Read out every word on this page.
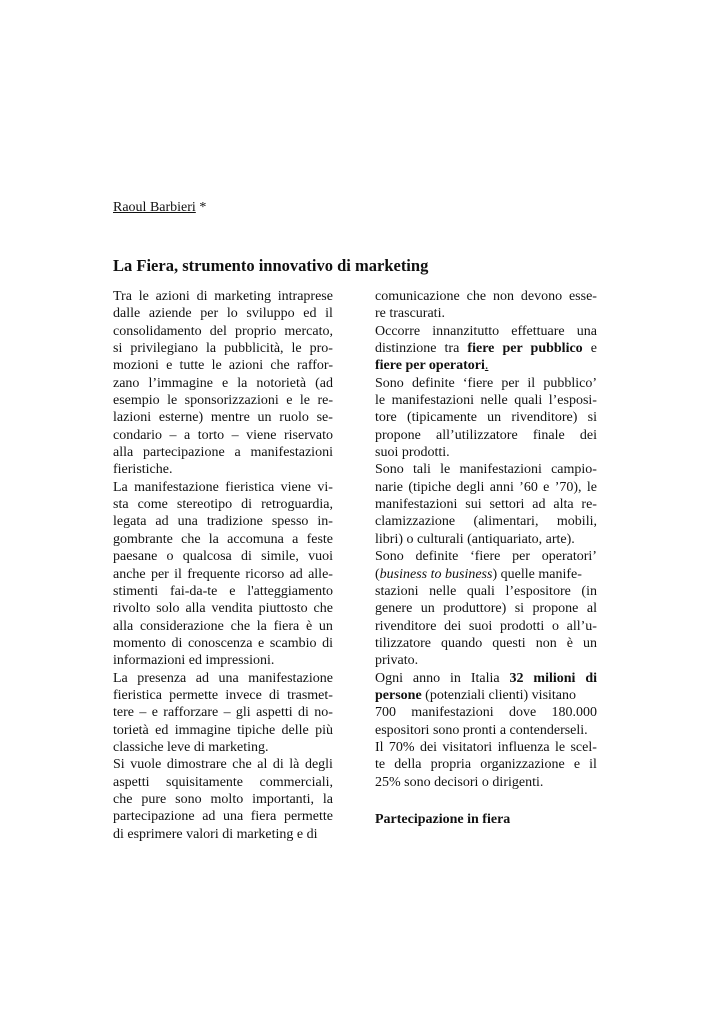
Raoul Barbieri *
La Fiera, strumento innovativo di marketing
Tra le azioni di marketing intraprese
dalle aziende per lo sviluppo ed il
consolidamento del proprio mercato,
si privilegiano la pubblicità, le pro-
mozioni e tutte le azioni che raffor-
zano l’immagine e la notorietà (ad
esempio le sponsorizzazioni e le re-
lazioni esterne) mentre un ruolo se-
condario – a torto – viene riservato
alla partecipazione a manifestazioni
fieristiche.
La manifestazione fieristica viene vi-
sta come stereotipo di retroguardia,
legata ad una tradizione spesso in-
gombrante che la accomuna a feste
paesane o qualcosa di simile, vuoi
anche per il frequente ricorso ad alle-
stimenti fai-da-te e l'atteggiamento
rivolto solo alla vendita piuttosto che
alla considerazione che la fiera è un
momento di conoscenza e scambio di
informazioni ed impressioni.
La presenza ad una manifestazione
fieristica permette invece di trasmet-
tere – e rafforzare – gli aspetti di no-
torietà ed immagine tipiche delle più
classiche leve di marketing.
Si vuole dimostrare che al di là degli
aspetti squisitamente commerciali,
che pure sono molto importanti, la
partecipazione ad una fiera permette
di esprimere valori di marketing e di
comunicazione che non devono esse-
re trascurati.
Occorre innanzitutto effettuare una
distinzione tra fiere per pubblico e
fiere per operatori.
Sono definite ‘fiere per il pubblico’
le manifestazioni nelle quali l’esposi-
tore (tipicamente un rivenditore) si
propone all’utilizzatore finale dei
suoi prodotti.
Sono tali le manifestazioni campio-
narie (tipiche degli anni ’60 e ’70), le
manifestazioni sui settori ad alta re-
clamizzazione (alimentari, mobili,
libri) o culturali (antiquariato, arte).
Sono definite ‘fiere per operatori’
(business to business) quelle manife-
stazioni nelle quali l’espositore (in
genere un produttore) si propone al
rivenditore dei suoi prodotti o all’u-
tilizzatore quando questi non è un
privato.
Ogni anno in Italia 32 milioni di
persone (potenziali clienti) visitano
700 manifestazioni dove 180.000
espositori sono pronti a contenderseli.
Il 70% dei visitatori influenza le scel-
te della propria organizzazione e il
25% sono decisori o dirigenti.
Partecipazione in fiera
